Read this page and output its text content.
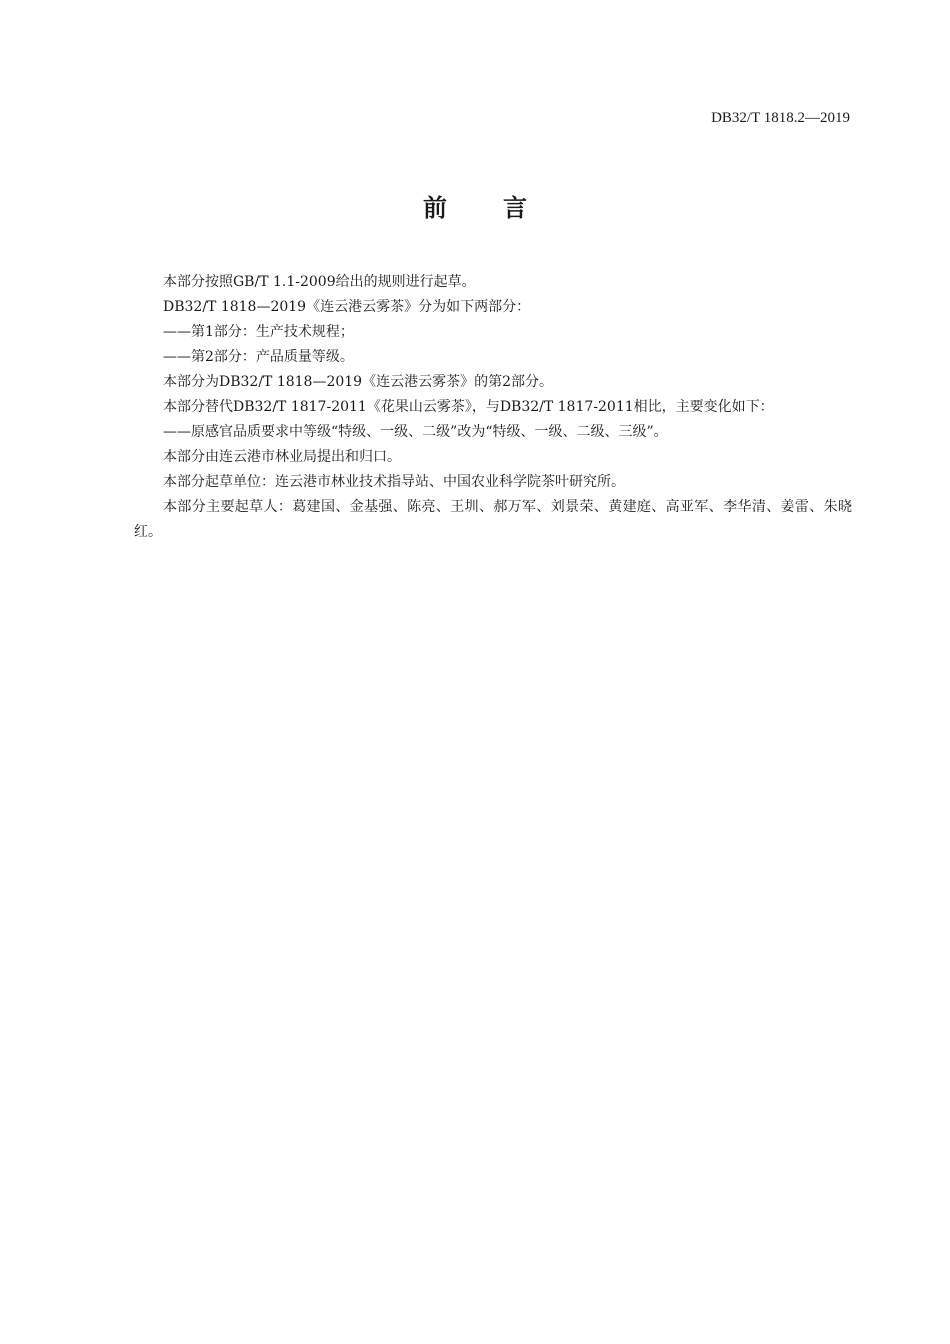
DB32/T 1818.2—2019
前言

本部分按照GB/T 1.1-2009给出的规则进行起草。

DB32/T 1818—2019《连云港云雾茶》分为如下两部分：

——第1部分：生产技术规程；

——第2部分：产品质量等级。

本部分为DB32/T 1818—2019《连云港云雾茶》的第2部分。

本部分替代DB32/T 1817-2011《花果山云雾茶》，与DB32/T 1817-2011相比，主要变化如下：

——原感官品质要求中等级“特级、一级、二级”改为“特级、一级、二级、三级”。

本部分由连云港市林业局提出和归口。

本部分起草单位：连云港市林业技术指导站、中国农业科学院茶叶研究所。

本部分主要起草人：葛建国、金基强、陈亮、王圳、郝万军、刘景荣、黄建庭、高亚军、李华清、姜雷、朱晓红。
